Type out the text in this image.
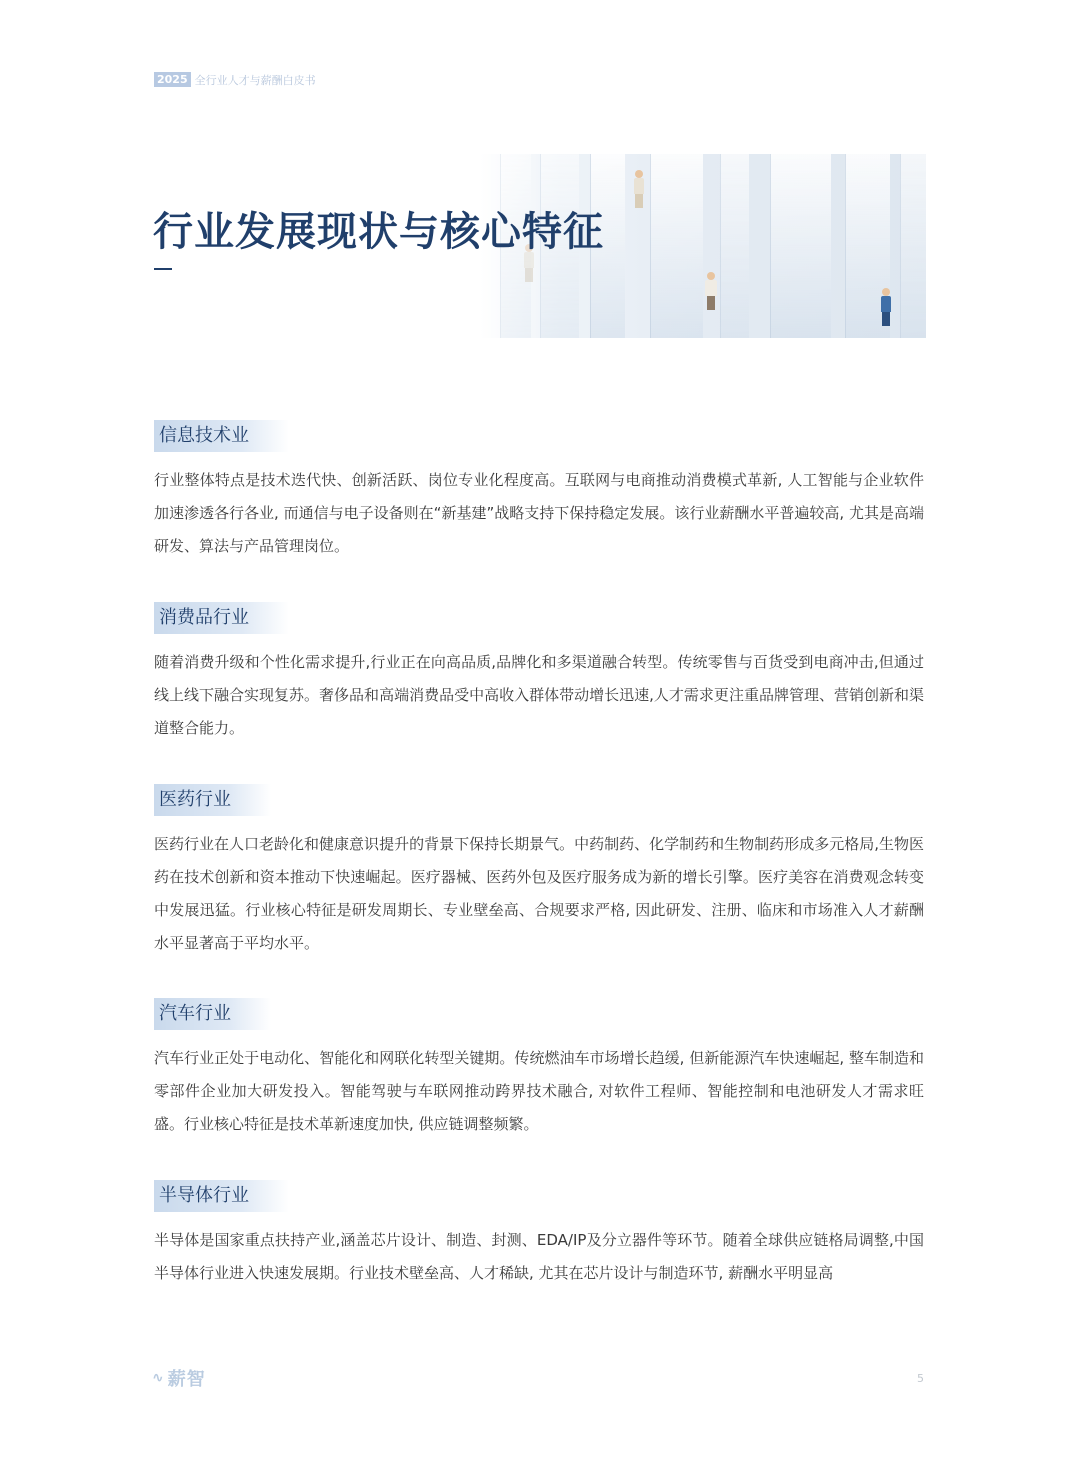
2025 全行业人才与薪酬白皮书
行业发展现状与核心特征
信息技术业
行业整体特点是技术迭代快、创新活跃、岗位专业化程度高。互联网与电商推动消费模式革新, 人工智能与企业软件加速渗透各行各业, 而通信与电子设备则在“新基建”战略支持下保持稳定发展。该行业薪酬水平普遍较高, 尤其是高端研发、算法与产品管理岗位。
消费品行业
随着消费升级和个性化需求提升,行业正在向高品质,品牌化和多渠道融合转型。传统零售与百货受到电商冲击,但通过线上线下融合实现复苏。奢侈品和高端消费品受中高收入群体带动增长迅速,人才需求更注重品牌管理、营销创新和渠道整合能力。
医药行业
医药行业在人口老龄化和健康意识提升的背景下保持长期景气。中药制药、化学制药和生物制药形成多元格局,生物医药在技术创新和资本推动下快速崛起。医疗器械、医药外包及医疗服务成为新的增长引擎。医疗美容在消费观念转变中发展迅猛。行业核心特征是研发周期长、专业壁垒高、合规要求严格, 因此研发、注册、临床和市场准入人才薪酬水平显著高于平均水平。
汽车行业
汽车行业正处于电动化、智能化和网联化转型关键期。传统燃油车市场增长趋缓, 但新能源汽车快速崛起, 整车制造和零部件企业加大研发投入。智能驾驶与车联网推动跨界技术融合, 对软件工程师、智能控制和电池研发人才需求旺盛。行业核心特征是技术革新速度加快, 供应链调整频繁。
半导体行业
半导体是国家重点扶持产业,涵盖芯片设计、制造、封测、EDA/IP及分立器件等环节。随着全球供应链格局调整,中国半导体行业进入快速发展期。行业技术壁垒高、人才稀缺, 尤其在芯片设计与制造环节, 薪酬水平明显高
∿ 薪智	5
